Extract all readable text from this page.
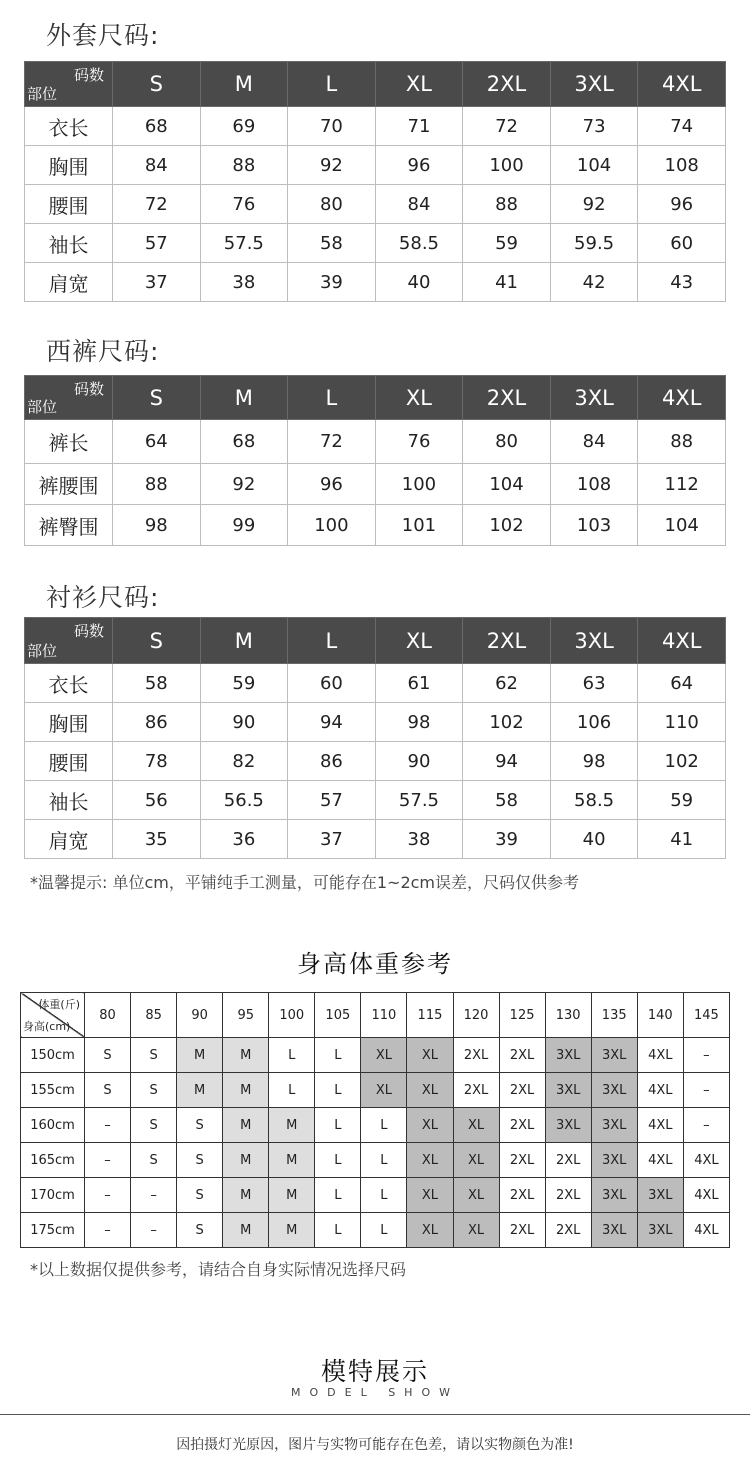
外套尺码:
码数
部位	S	M	L	XL	2XL	3XL	4XL
衣长	68	69	70	71	72	73	74
胸围	84	88	92	96	100	104	108
腰围	72	76	80	84	88	92	96
袖长	57	57.5	58	58.5	59	59.5	60
肩宽	37	38	39	40	41	42	43
西裤尺码:
码数
部位	S	M	L	XL	2XL	3XL	4XL
裤长	64	68	72	76	80	84	88
裤腰围	88	92	96	100	104	108	112
裤臀围	98	99	100	101	102	103	104
衬衫尺码:
码数
部位	S	M	L	XL	2XL	3XL	4XL
衣长	58	59	60	61	62	63	64
胸围	86	90	94	98	102	106	110
腰围	78	82	86	90	94	98	102
袖长	56	56.5	57	57.5	58	58.5	59
肩宽	35	36	37	38	39	40	41
*温馨提示: 单位cm，平铺纯手工测量，可能存在1~2cm误差，尺码仅供参考
身高体重参考
体重(斤)
身高(cm)	80	85	90	95	100	105	110	115	120	125	130	135	140	145
150cm	S	S	M	M	L	L	XL	XL	2XL	2XL	3XL	3XL	4XL	–
155cm	S	S	M	M	L	L	XL	XL	2XL	2XL	3XL	3XL	4XL	–
160cm	–	S	S	M	M	L	L	XL	XL	2XL	3XL	3XL	4XL	–
165cm	–	S	S	M	M	L	L	XL	XL	2XL	2XL	3XL	4XL	4XL
170cm	–	–	S	M	M	L	L	XL	XL	2XL	2XL	3XL	3XL	4XL
175cm	–	–	S	M	M	L	L	XL	XL	2XL	2XL	3XL	3XL	4XL
*以上数据仅提供参考，请结合自身实际情况选择尺码
模特展示
MODEL SHOW
因拍摄灯光原因，图片与实物可能存在色差，请以实物颜色为准!
